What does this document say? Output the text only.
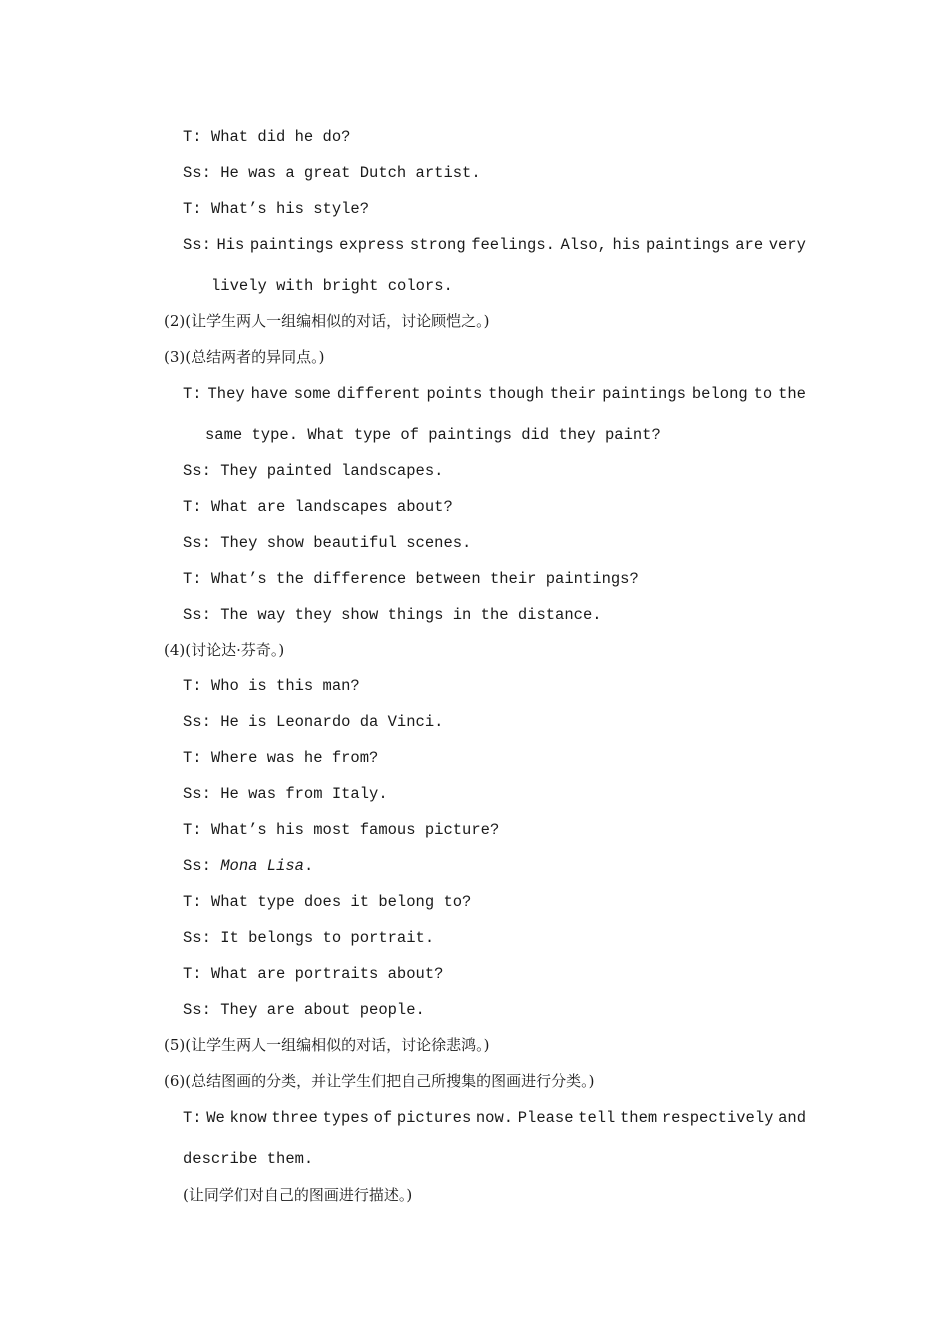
T: What did he do?
Ss: He was a great Dutch artist.
T: What’s his style?
Ss: His paintings express strong feelings. Also, his paintings are very
lively with bright colors.
(2)(让学生两人一组编相似的对话，讨论顾恺之。)
(3)(总结两者的异同点。)
T: They have some different points though their paintings belong to the
same type. What type of paintings did they paint?
Ss: They painted landscapes.
T: What are landscapes about?
Ss: They show beautiful scenes.
T: What’s the difference between their paintings?
Ss: The way they show things in the distance.
(4)(讨论达·芬奇。)
T: Who is this man?
Ss: He is Leonardo da Vinci.
T: Where was he from?
Ss: He was from Italy.
T: What’s his most famous picture?
Ss: Mona Lisa.
T: What type does it belong to?
Ss: It belongs to portrait.
T: What are portraits about?
Ss: They are about people.
(5)(让学生两人一组编相似的对话，讨论徐悲鸿。)
(6)(总结图画的分类，并让学生们把自己所搜集的图画进行分类。)
T: We know three types of pictures now. Please tell them respectively and
describe them.
(让同学们对自己的图画进行描述。)
